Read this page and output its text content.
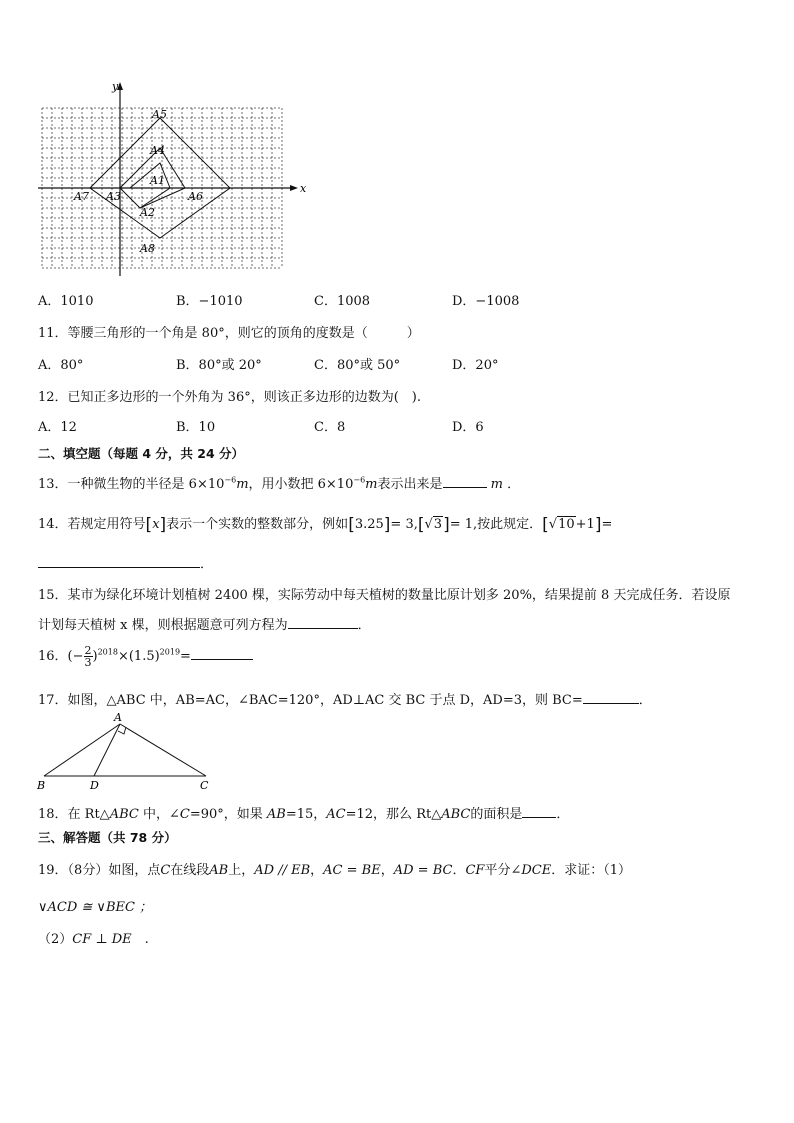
x
y
A5
A4
A1
A7 A3	A6
A2
A8
A．1010	B．−1010	C．1008	D．−1008
11．等腰三角形的一个角是 80°，则它的顶角的度数是（　　　）
A．80°	B．80°或 20°	C．80°或 50°	D．20°
12．已知正多边形的一个外角为 36°，则该正多边形的边数为(　).
A．12	B．10	C．8	D．6
二、填空题（每题 4 分，共 24 分）
13．一种微生物的半径是 $6\times 10^{-6}m$，用小数把 $6\times 10^{-6}m$表示出来是	m ．
14．若规定用符号[x]表示一个实数的整数部分，例如[3.25]= 3,[√3]= 1,按此规定．[√10+1]=
．
15．某市为绿化环境计划植树 2400 棵，实际劳动中每天植树的数量比原计划多 20%，结果提前 8 天完成任务．若设原
计划每天植树 x 棵，则根据题意可列方程为	．
16．(− $\frac{2}{3} )^{2018}\times(1.5)^{2019}=$
17．如图，△ABC 中，AB=AC，∠BAC=120°，AD⊥AC 交 BC 于点 D，AD=3，则 BC=	．
A
B	D	C
18．在 Rt△ABC 中，∠C=90°，如果 AB=15，AC=12，那么 Rt△ABC的面积是	．
三、解答题（共 78 分）
19．（8分）如图，点C在线段AB上，AD // EB，AC = BE，AD = BC．CF平分∠DCE．求证：（1）
∨ACD ≅ ∨BEC ；
（2）CF ⊥ DE　.
